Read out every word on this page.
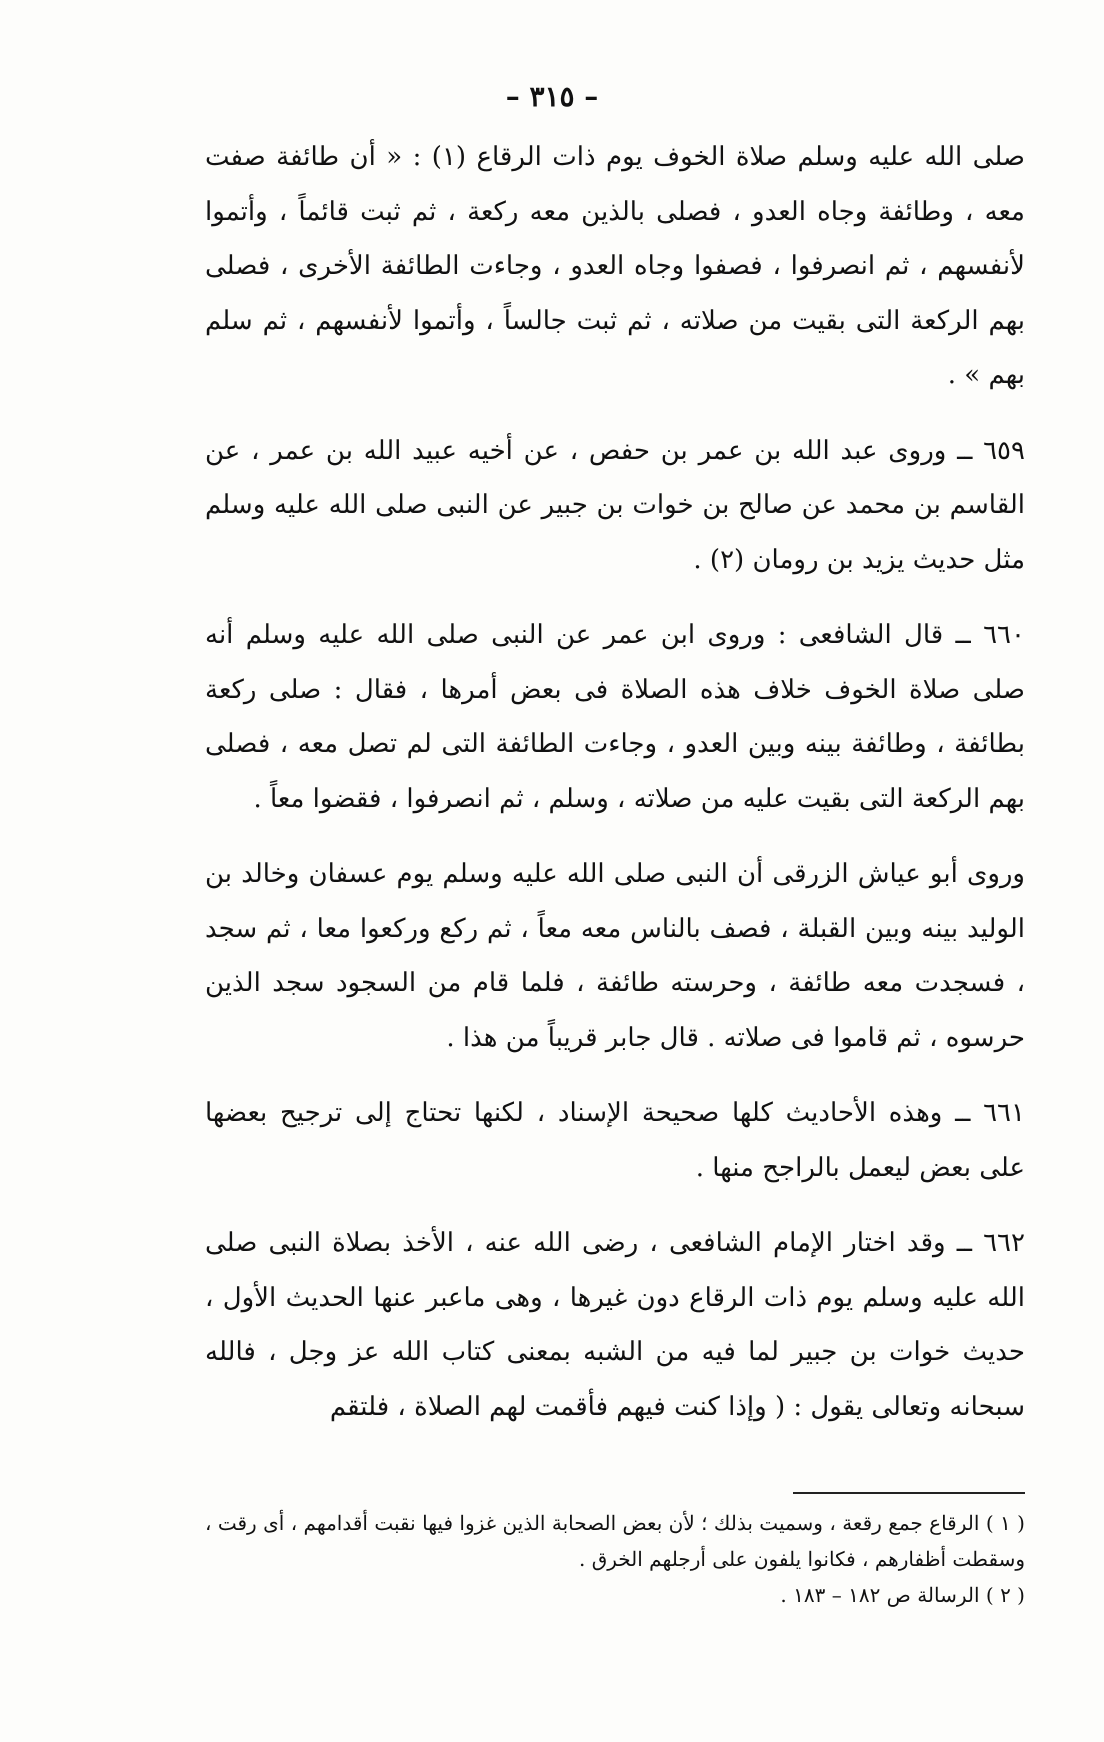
– ٣١٥ –

صلى الله عليه وسلم صلاة الخوف يوم ذات الرقاع (١) : « أن طائفة صفت معه ، وطائفة وجاه العدو ، فصلى بالذين معه ركعة ، ثم ثبت قائماً ، وأتموا لأنفسهم ، ثم انصرفوا ، فصفوا وجاه العدو ، وجاءت الطائفة الأخرى ، فصلى بهم الركعة التى بقيت من صلاته ، ثم ثبت جالساً ، وأتموا لأنفسهم ، ثم سلم بهم » .

٦٥٩ ــ وروى عبد الله بن عمر بن حفص ، عن أخيه عبيد الله بن عمر ، عن القاسم بن محمد عن صالح بن خوات بن جبير عن النبى صلى الله عليه وسلم مثل حديث يزيد بن رومان (٢) .

٦٦٠ ــ قال الشافعى : وروى ابن عمر عن النبى صلى الله عليه وسلم أنه صلى صلاة الخوف خلاف هذه الصلاة فى بعض أمرها ، فقال : صلى ركعة بطائفة ، وطائفة بينه وبين العدو ، وجاءت الطائفة التى لم تصل معه ، فصلى بهم الركعة التى بقيت عليه من صلاته ، وسلم ، ثم انصرفوا ، فقضوا معاً .

وروى أبو عياش الزرقى أن النبى صلى الله عليه وسلم يوم عسفان وخالد بن الوليد بينه وبين القبلة ، فصف بالناس معه معاً ، ثم ركع وركعوا معا ، ثم سجد ، فسجدت معه طائفة ، وحرسته طائفة ، فلما قام من السجود سجد الذين حرسوه ، ثم قاموا فى صلاته . قال جابر قريباً من هذا .

٦٦١ ــ وهذه الأحاديث كلها صحيحة الإسناد ، لكنها تحتاج إلى ترجيح بعضها على بعض ليعمل بالراجح منها .

٦٦٢ ــ وقد اختار الإمام الشافعى ، رضى الله عنه ، الأخذ بصلاة النبى صلى الله عليه وسلم يوم ذات الرقاع دون غيرها ، وهى ماعبر عنها الحديث الأول ، حديث خوات بن جبير لما فيه من الشبه بمعنى كتاب الله عز وجل ، فالله سبحانه وتعالى يقول : ( وإذا كنت فيهم فأقمت لهم الصلاة ، فلتقم

( ١ ) الرقاع جمع رقعة ، وسميت بذلك ؛ لأن بعض الصحابة الذين غزوا فيها نقبت أقدامهم ، أى رقت ، وسقطت أظفارهم ، فكانوا يلفون على أرجلهم الخرق .

( ٢ ) الرسالة ص ١٨٢ – ١٨٣ .
